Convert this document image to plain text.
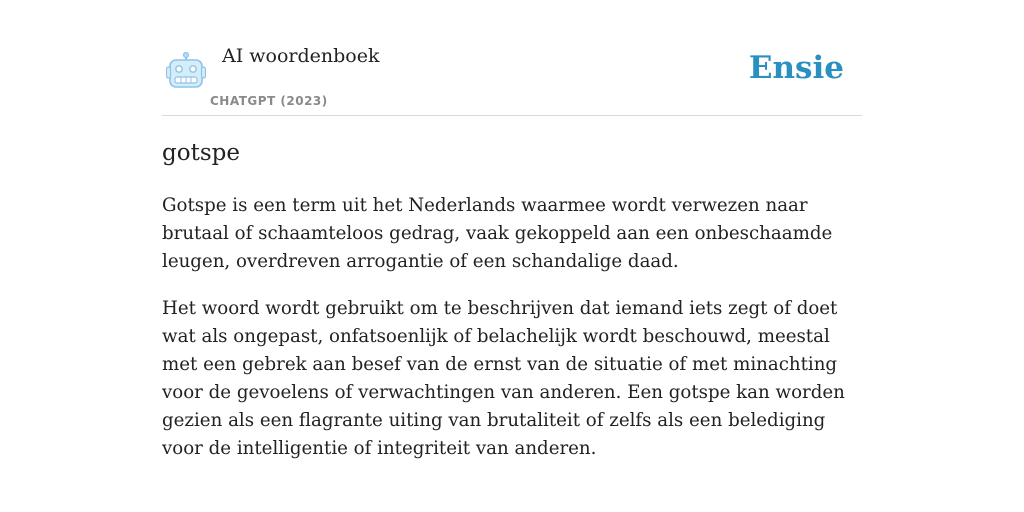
AI woordenboek
CHATGPT (2023)
Ensie
gotspe

Gotspe is een term uit het Nederlands waarmee wordt verwezen naar brutaal of schaamteloos gedrag, vaak gekoppeld aan een onbeschaamde leugen, overdreven arrogantie of een schandalige daad.

Het woord wordt gebruikt om te beschrijven dat iemand iets zegt of doet wat als ongepast, onfatsoenlijk of belachelijk wordt beschouwd, meestal met een gebrek aan besef van de ernst van de situatie of met minachting voor de gevoelens of verwachtingen van anderen. Een gotspe kan worden gezien als een flagrante uiting van brutaliteit of zelfs als een belediging voor de intelligentie of integriteit van anderen.
